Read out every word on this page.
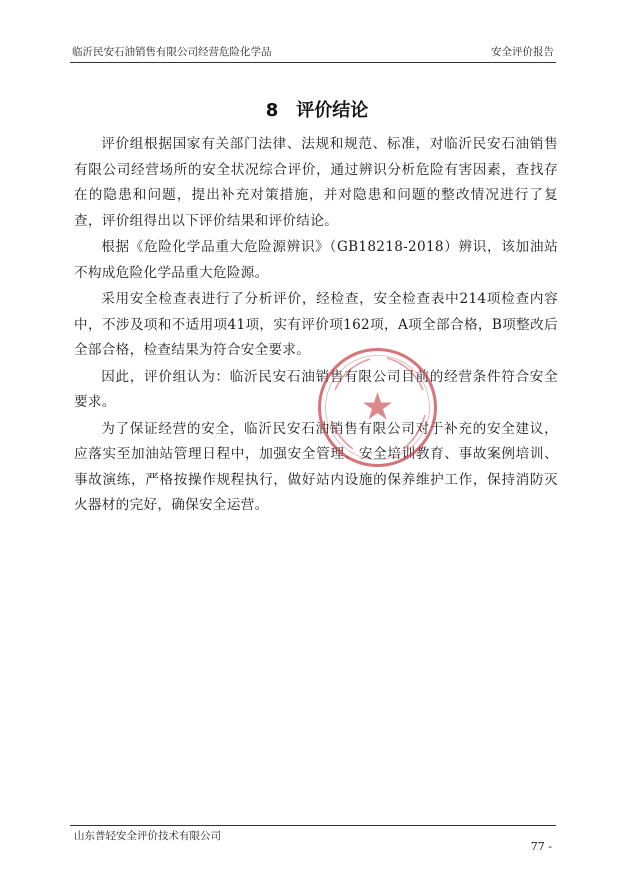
临沂民安石油销售有限公司经营危险化学品	安全评价报告
8 评价结论

评价组根据国家有关部门法律、法规和规范、标准，对临沂民安石油销售有限公司经营场所的安全状况综合评价，通过辨识分析危险有害因素，查找存在的隐患和问题，提出补充对策措施，并对隐患和问题的整改情况进行了复查，评价组得出以下评价结果和评价结论。

根据《危险化学品重大危险源辨识》（GB18218-2018）辨识，该加油站不构成危险化学品重大危险源。

采用安全检查表进行了分析评价，经检查，安全检查表中214项检查内容中，不涉及项和不适用项41项，实有评价项162项，A项全部合格，B项整改后全部合格，检查结果为符合安全要求。

因此，评价组认为：临沂民安石油销售有限公司目前的经营条件符合安全要求。

为了保证经营的安全，临沂民安石油销售有限公司对于补充的安全建议，应落实至加油站管理日程中，加强安全管理、安全培训教育、事故案例培训、事故演练，严格按操作规程执行，做好站内设施的保养维护工作，保持消防灭火器材的完好，确保安全运营。

山东普轻安全评价技术有限公司
77 -
